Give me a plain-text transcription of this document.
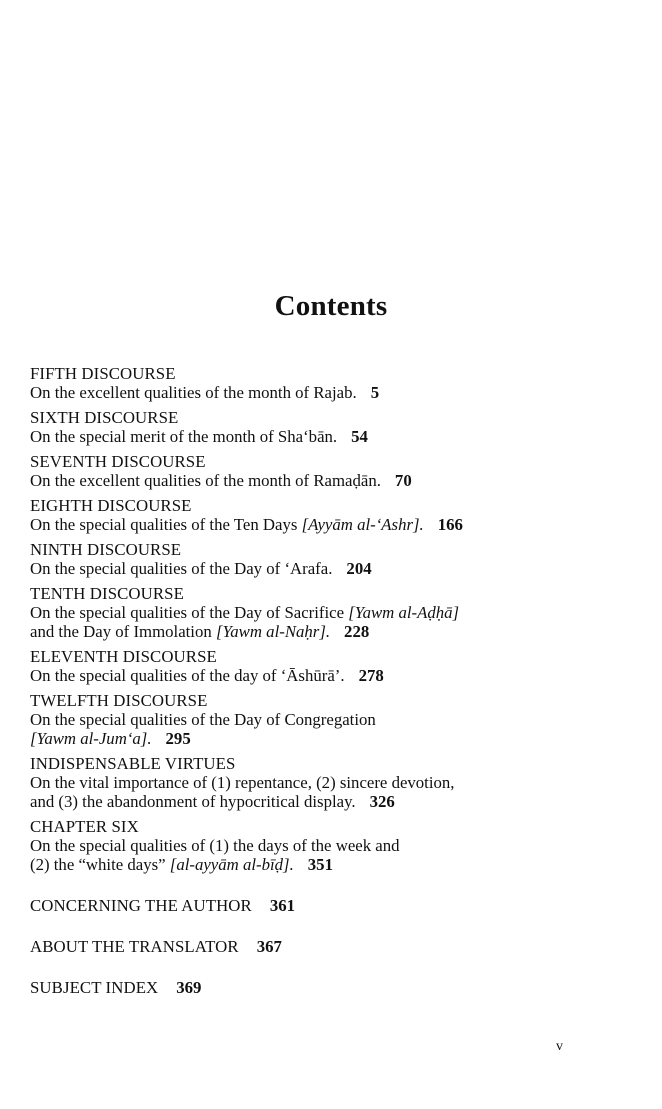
Contents
FIFTH DISCOURSE
On the excellent qualities of the month of Rajab. 5
SIXTH DISCOURSE
On the special merit of the month of Sha‘bān. 54
SEVENTH DISCOURSE
On the excellent qualities of the month of Ramaḍān. 70
EIGHTH DISCOURSE
On the special qualities of the Ten Days [Ayyām al-‘Ashr]. 166
NINTH DISCOURSE
On the special qualities of the Day of ‘Arafa. 204
TENTH DISCOURSE
On the special qualities of the Day of Sacrifice [Yawm al-Aḍḥā]
and the Day of Immolation [Yawm al-Naḥr]. 228
ELEVENTH DISCOURSE
On the special qualities of the day of ‘Āshūrā’. 278
TWELFTH DISCOURSE
On the special qualities of the Day of Congregation
[Yawm al-Jum‘a]. 295
INDISPENSABLE VIRTUES
On the vital importance of (1) repentance, (2) sincere devotion,
and (3) the abandonment of hypocritical display. 326
CHAPTER SIX
On the special qualities of (1) the days of the week and
(2) the “white days” [al-ayyām al-bīḍ]. 351
CONCERNING THE AUTHOR 361
ABOUT THE TRANSLATOR 367
SUBJECT INDEX 369
v
